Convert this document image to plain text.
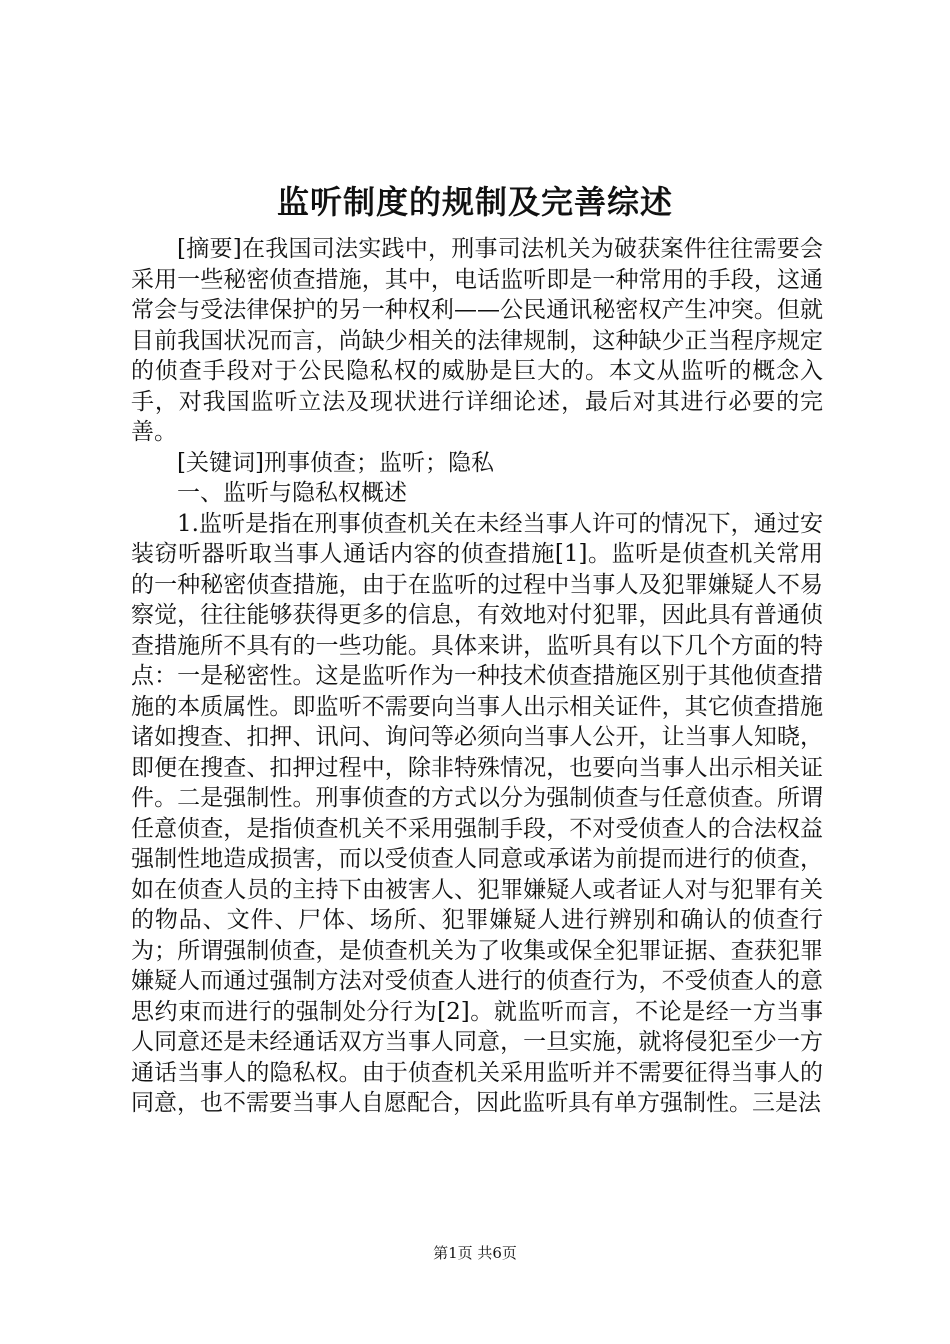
监听制度的规制及完善综述

[摘要]在我国司法实践中，刑事司法机关为破获案件往往需要会采用一些秘密侦查措施，其中，电话监听即是一种常用的手段，这通常会与受法律保护的另一种权利——公民通讯秘密权产生冲突。但就目前我国状况而言，尚缺少相关的法律规制，这种缺少正当程序规定的侦查手段对于公民隐私权的威胁是巨大的。本文从监听的概念入手，对我国监听立法及现状进行详细论述，最后对其进行必要的完善。

[关键词]刑事侦查；监听；隐私

一、监听与隐私权概述

1.监听是指在刑事侦查机关在未经当事人许可的情况下，通过安装窃听器听取当事人通话内容的侦查措施[1]。监听是侦查机关常用的一种秘密侦查措施，由于在监听的过程中当事人及犯罪嫌疑人不易察觉，往往能够获得更多的信息，有效地对付犯罪，因此具有普通侦查措施所不具有的一些功能。具体来讲，监听具有以下几个方面的特点：一是秘密性。这是监听作为一种技术侦查措施区别于其他侦查措施的本质属性。即监听不需要向当事人出示相关证件，其它侦查措施诸如搜查、扣押、讯问、询问等必须向当事人公开，让当事人知晓，即便在搜查、扣押过程中，除非特殊情况，也要向当事人出示相关证件。二是强制性。刑事侦查的方式以分为强制侦查与任意侦查。所谓任意侦查，是指侦查机关不采用强制手段，不对受侦查人的合法权益强制性地造成损害，而以受侦查人同意或承诺为前提而进行的侦查，如在侦查人员的主持下由被害人、犯罪嫌疑人或者证人对与犯罪有关的物品、文件、尸体、场所、犯罪嫌疑人进行辨别和确认的侦查行为；所谓强制侦查，是侦查机关为了收集或保全犯罪证据、查获犯罪嫌疑人而通过强制方法对受侦查人进行的侦查行为，不受侦查人的意思约束而进行的强制处分行为[2]。就监听而言，不论是经一方当事人同意还是未经通话双方当事人同意，一旦实施，就将侵犯至少一方通话当事人的隐私权。由于侦查机关采用监听并不需要征得当事人的同意，也不需要当事人自愿配合，因此监听具有单方强制性。三是法

第1页 共6页
